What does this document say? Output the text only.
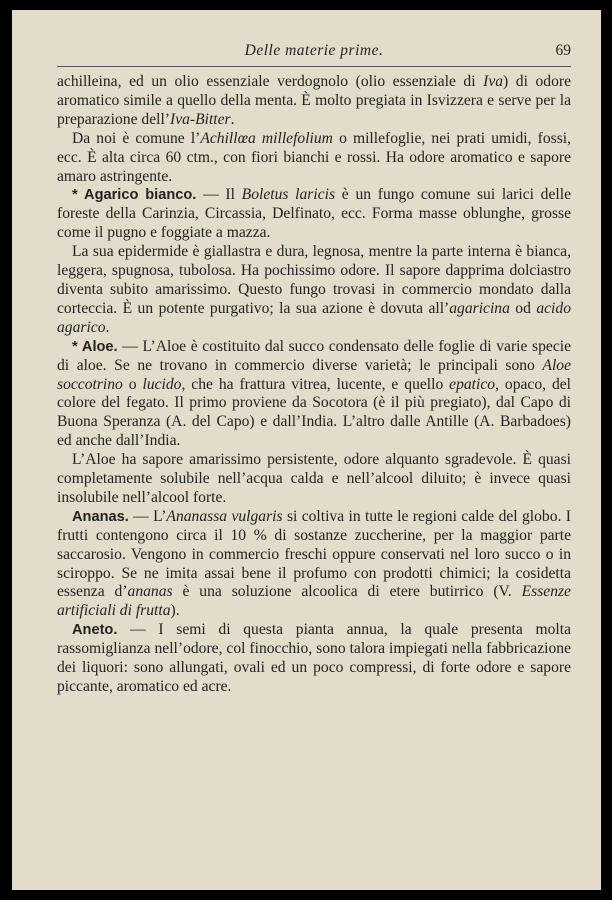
Delle materie prime.	69

achilleina, ed un olio essenziale verdognolo (olio essenziale di Iva) di odore aromatico simile a quello della menta. È molto pregiata in Isvizzera e serve per la preparazione dell’Iva-Bitter.

Da noi è comune l’Achillœa millefolium o millefoglie, nei prati umidi, fossi, ecc. È alta circa 60 ctm., con fiori bianchi e rossi. Ha odore aromatico e sapore amaro astringente.

* Agarico bianco. — Il Boletus laricis è un fungo comune sui larici delle foreste della Carinzia, Circassia, Delfinato, ecc. Forma masse oblunghe, grosse come il pugno e foggiate a mazza.

La sua epidermide è giallastra e dura, legnosa, mentre la parte interna è bianca, leggera, spugnosa, tubolosa. Ha pochissimo odore. Il sapore dapprima dolciastro diventa subito amarissimo. Questo fungo trovasi in commercio mondato dalla corteccia. È un potente purgativo; la sua azione è dovuta all’agaricina od acido agarico.

* Aloe. — L’Aloe è costituito dal succo condensato delle foglie di varie specie di aloe. Se ne trovano in commercio diverse varietà; le principali sono Aloe soccotrino o lucido, che ha frattura vitrea, lucente, e quello epatico, opaco, del colore del fegato. Il primo proviene da Socotora (è il più pregiato), dal Capo di Buona Speranza (A. del Capo) e dall’India. L’altro dalle Antille (A. Barbadoes) ed anche dall’India.

L’Aloe ha sapore amarissimo persistente, odore alquanto sgradevole. È quasi completamente solubile nell’acqua calda e nell’alcool diluito; è invece quasi insolubile nell’alcool forte.

Ananas. — L’Ananassa vulgaris si coltiva in tutte le regioni calde del globo. I frutti contengono circa il 10 % di sostanze zuccherine, per la maggior parte saccarosio. Vengono in commercio freschi oppure conservati nel loro succo o in sciroppo. Se ne imita assai bene il profumo con prodotti chimici; la cosidetta essenza d’ananas è una soluzione alcoolica di etere butirrico (V. Essenze artificiali di frutta).

Aneto. — I semi di questa pianta annua, la quale presenta molta rassomiglianza nell’odore, col finocchio, sono talora impiegati nella fabbricazione dei liquori: sono allungati, ovali ed un poco compressi, di forte odore e sapore piccante, aromatico ed acre.
